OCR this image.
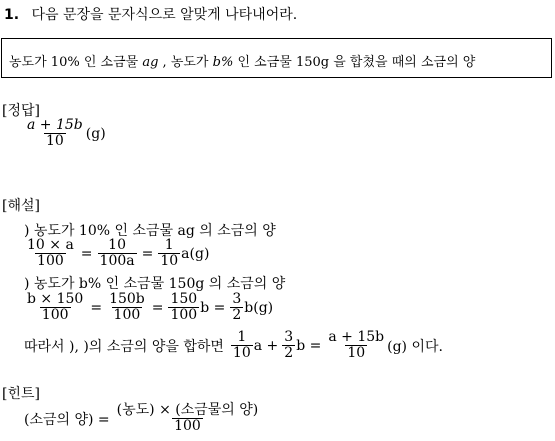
1. 다음 문장을 문자식으로 알맞게 나타내어라.
농도가 10% 인 소금물 ag , 농도가 b% 인 소금물 150g 을 합쳤을 때의 소금의 양
[정답]
$\frac{a + 15b}{10} (g)$
[해설]
) 농도가 10% 인 소금물 ag 의 소금의 양
$\frac{10 \times a}{100} = \frac{10}{100a} = \frac{1}{10} a(g)$
) 농도가 b% 인 소금물 150g 의 소금의 양
$\frac{b \times 150}{100} = \frac{150b}{100} = \frac{150}{100}$ $b = \frac{3}{2} b(g)$
따라서 ), )의 소금의 양을 합하면 $\frac{1}{10}$ $a + \frac{3}{2}$ $b = \frac{a + 15b}{10} (g)$ 이다.
[힌트]
(소금의 양) = $\frac{\text{(농도) × (소금물의 양)}}{100}$
